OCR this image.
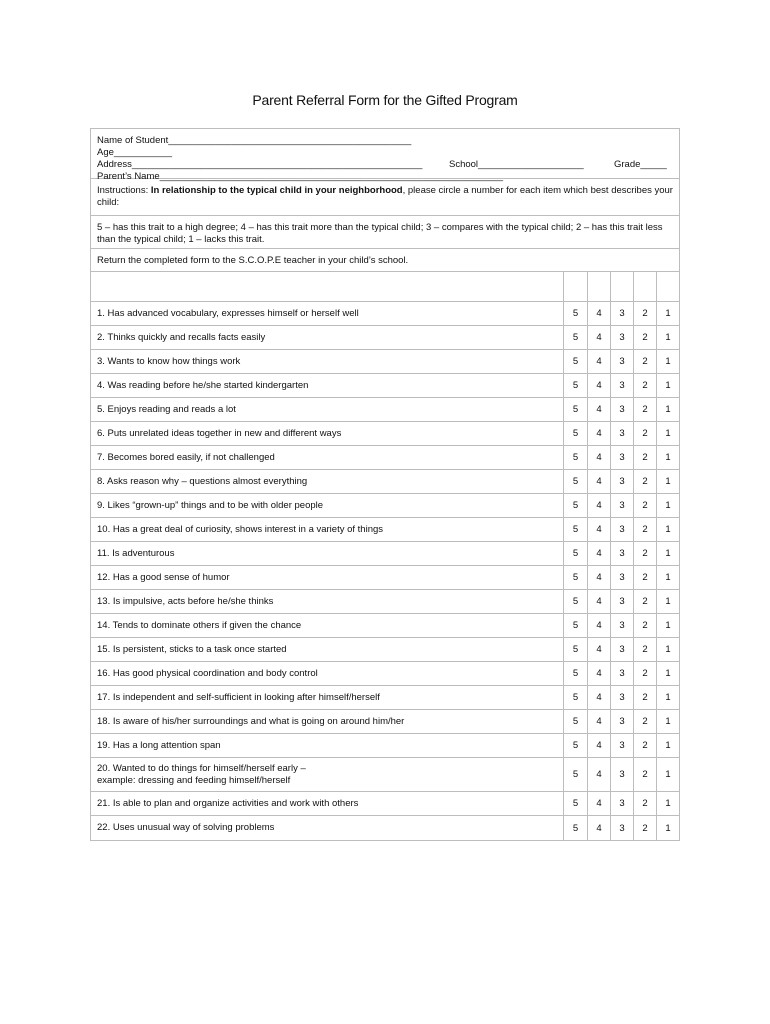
Parent Referral Form for the Gifted Program
Name of Student______________________________________________
Age___________
Address_______________________________________________________
Parent’s Name_________________________________________________________________
School____________________	Grade_____
Instructions: In relationship to the typical child in your neighborhood, please circle a number for each item which best describes your child:
5 – has this trait to a high degree; 4 – has this trait more than the typical child; 3 – compares with the typical child; 2 – has this trait less than the typical child; 1 – lacks this trait.
Return the completed form to the S.C.O.P.E teacher in your child’s school.
1. Has advanced vocabulary, expresses himself or herself well	5	4	3	2	1
2. Thinks quickly and recalls facts easily	5	4	3	2	1
3. Wants to know how things work	5	4	3	2	1
4. Was reading before he/she started kindergarten	5	4	3	2	1
5. Enjoys reading and reads a lot	5	4	3	2	1
6. Puts unrelated ideas together in new and different ways	5	4	3	2	1
7. Becomes bored easily, if not challenged	5	4	3	2	1
8. Asks reason why – questions almost everything	5	4	3	2	1
9. Likes “grown-up” things and to be with older people	5	4	3	2	1
10. Has a great deal of curiosity, shows interest in a variety of things	5	4	3	2	1
11. Is adventurous	5	4	3	2	1
12. Has a good sense of humor	5	4	3	2	1
13. Is impulsive, acts before he/she thinks	5	4	3	2	1
14. Tends to dominate others if given the chance	5	4	3	2	1
15. Is persistent, sticks to a task once started	5	4	3	2	1
16. Has good physical coordination and body control	5	4	3	2	1
17. Is independent and self-sufficient in looking after himself/herself	5	4	3	2	1
18. Is aware of his/her surroundings and what is going on around him/her	5	4	3	2	1
19. Has a long attention span	5	4	3	2	1
20. Wanted to do things for himself/herself early –
example: dressing and feeding himself/herself	5	4	3	2	1
21. Is able to plan and organize activities and work with others	5	4	3	2	1
22. Uses unusual way of solving problems	5	4	3	2	1
